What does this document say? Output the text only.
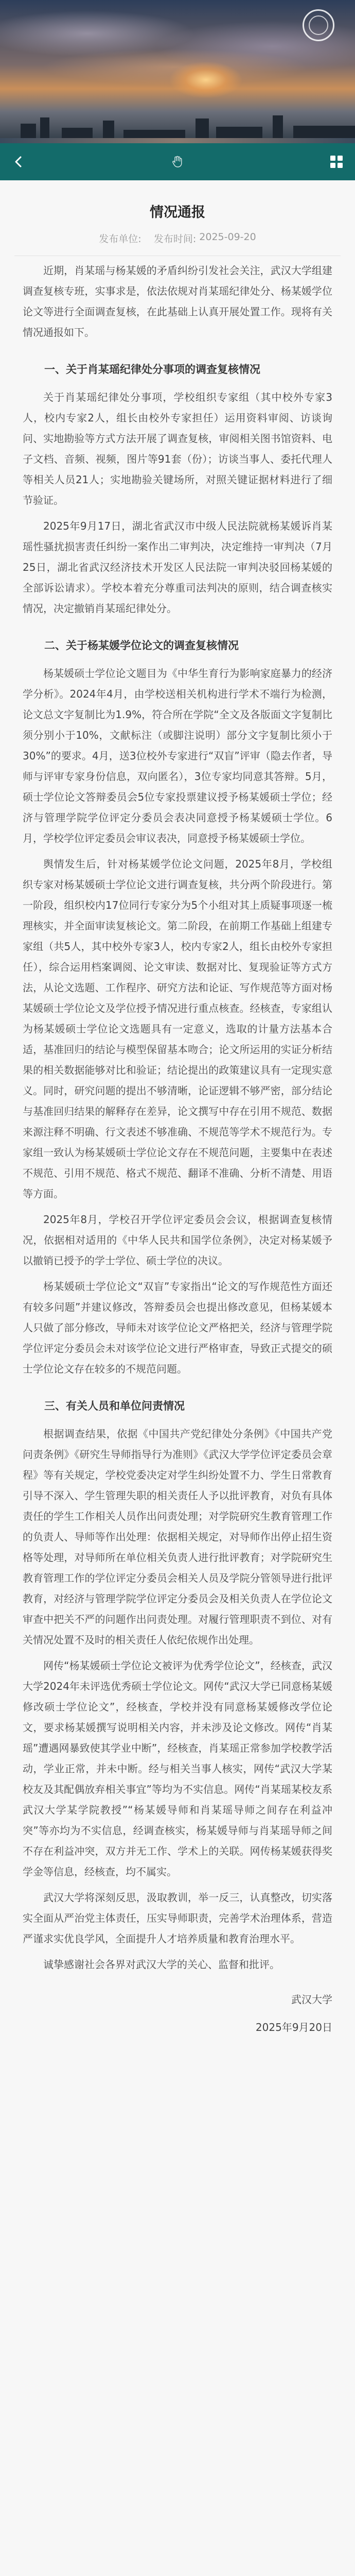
情况通报
发布单位:
发布时间:
2025-09-20

近期，肖某瑶与杨某媛的矛盾纠纷引发社会关注，武汉大学组建调查复核专班，实事求是，依法依规对肖某瑶纪律处分、杨某媛学位论文等进行全面调查复核，在此基础上认真开展处置工作。现将有关情况通报如下。

一、关于肖某瑶纪律处分事项的调查复核情况

关于肖某瑶纪律处分事项，学校组织专家组（其中校外专家3人，校内专家2人，组长由校外专家担任）运用资料审阅、访谈询问、实地勘验等方式方法开展了调查复核，审阅相关图书馆资料、电子文档、音频、视频，图片等91套（份）；访谈当事人、委托代理人等相关人员21人；实地勘验关键场所，对照关键证据材料进行了细节验证。

2025年9月17日，湖北省武汉市中级人民法院就杨某媛诉肖某瑶性骚扰损害责任纠纷一案作出二审判决，决定维持一审判决（7月25日，湖北省武汉经济技术开发区人民法院一审判决驳回杨某媛的全部诉讼请求）。学校本着充分尊重司法判决的原则，结合调查核实情况，决定撤销肖某瑶纪律处分。

二、关于杨某媛学位论文的调查复核情况

杨某媛硕士学位论文题目为《中华生育行为影响家庭暴力的经济学分析》。2024年4月，由学校送相关机构进行学术不端行为检测，论文总文字复制比为1.9%，符合所在学院“全文及各版面文字复制比须分别小于10%，文献标注（或脚注说明）部分文字复制比须小于30%”的要求。4月，送3位校外专家进行“双盲”评审（隐去作者，导师与评审专家身份信息，双向匿名），3位专家均同意其答辩。5月，硕士学位论文答辩委员会5位专家投票建议授予杨某媛硕士学位；经济与管理学院学位评定分委员会表决同意授予杨某媛硕士学位。6月，学校学位评定委员会审议表决，同意授予杨某媛硕士学位。

舆情发生后，针对杨某媛学位论文问题，2025年8月，学校组织专家对杨某媛硕士学位论文进行调查复核，共分两个阶段进行。第一阶段，组织校内17位同行专家分为5个小组对其上质疑事项逐一梳理核实，并全面审读复核论文。第二阶段，在前期工作基础上组建专家组（共5人，其中校外专家3人，校内专家2人，组长由校外专家担任），综合运用档案调阅、论文审读、数据对比、复现验证等方式方法，从论文选题、工作程序、研究方法和论证、写作规范等方面对杨某媛硕士学位论文及学位授予情况进行重点核查。经核查，专家组认为杨某媛硕士学位论文选题具有一定意义，选取的计量方法基本合适，基准回归的结论与模型保留基本吻合；论文所运用的实证分析结果的相关数据能够对比和验证；结论提出的政策建议具有一定现实意义。同时，研究问题的提出不够清晰，论证逻辑不够严密，部分结论与基准回归结果的解释存在差异，论文撰写中存在引用不规范、数据来源注释不明确、行文表述不够准确、不规范等学术不规范行为。专家组一致认为杨某媛硕士学位论文存在不规范问题，主要集中在表述不规范、引用不规范、格式不规范、翻译不准确、分析不清楚、用语等方面。

2025年8月，学校召开学位评定委员会会议，根据调查复核情况，依据相对适用的《中华人民共和国学位条例》，决定对杨某媛予以撤销已授予的学士学位、硕士学位的决议。

杨某媛硕士学位论文“双盲”专家指出“论文的写作规范性方面还有较多问题”并建议修改，答辩委员会也提出修改意见，但杨某媛本人只做了部分修改，导师未对该学位论文严格把关，经济与管理学院学位评定分委员会未对该学位论文进行严格审查，导致正式提交的硕士学位论文存在较多的不规范问题。

三、有关人员和单位问责情况

根据调查结果，依据《中国共产党纪律处分条例》《中国共产党问责条例》《研究生导师指导行为准则》《武汉大学学位评定委员会章程》等有关规定，学校党委决定对学生纠纷处置不力、学生日常教育引导不深入、学生管理失职的相关责任人予以批评教育，对负有具体责任的学生工作相关人员作出问责处理；对学院研究生教育管理工作的负责人、导师等作出处理：依据相关规定，对导师作出停止招生资格等处理，对导师所在单位相关负责人进行批评教育；对学院研究生教育管理工作的学位评定分委员会相关人员及学院分管领导进行批评教育，对经济与管理学院学位评定分委员会及相关负责人在学位论文审查中把关不严的问题作出问责处理。对履行管理职责不到位、对有关情况处置不及时的相关责任人依纪依规作出处理。

网传“杨某媛硕士学位论文被评为优秀学位论文”，经核查，武汉大学2024年未评选优秀硕士学位论文。网传“武汉大学已同意杨某媛修改硕士学位论文”，经核查，学校并没有同意杨某媛修改学位论文，要求杨某媛撰写说明相关内容，并未涉及论文修改。网传“肖某瑶”遭遇网暴致使其学业中断”，经核查，肖某瑶正常参加学校教学活动，学业正常，并未中断。经与相关当事人核实，网传“武汉大学某校友及其配偶放弃相关事宜”等均为不实信息。网传“肖某瑶某校友系武汉大学某学院教授”“杨某媛导师和肖某瑶导师之间存在利益冲突”等亦均为不实信息，经调查核实，杨某媛导师与肖某瑶导师之间不存在利益冲突，双方并无工作、学术上的关联。网传杨某媛获得奖学金等信息，经核查，均不属实。

武汉大学将深刻反思，汲取教训，举一反三，认真整改，切实落实全面从严治党主体责任，压实导师职责，完善学术治理体系，营造严谨求实优良学风，全面提升人才培养质量和教育治理水平。

诚挚感谢社会各界对武汉大学的关心、监督和批评。

武汉大学

2025年9月20日
